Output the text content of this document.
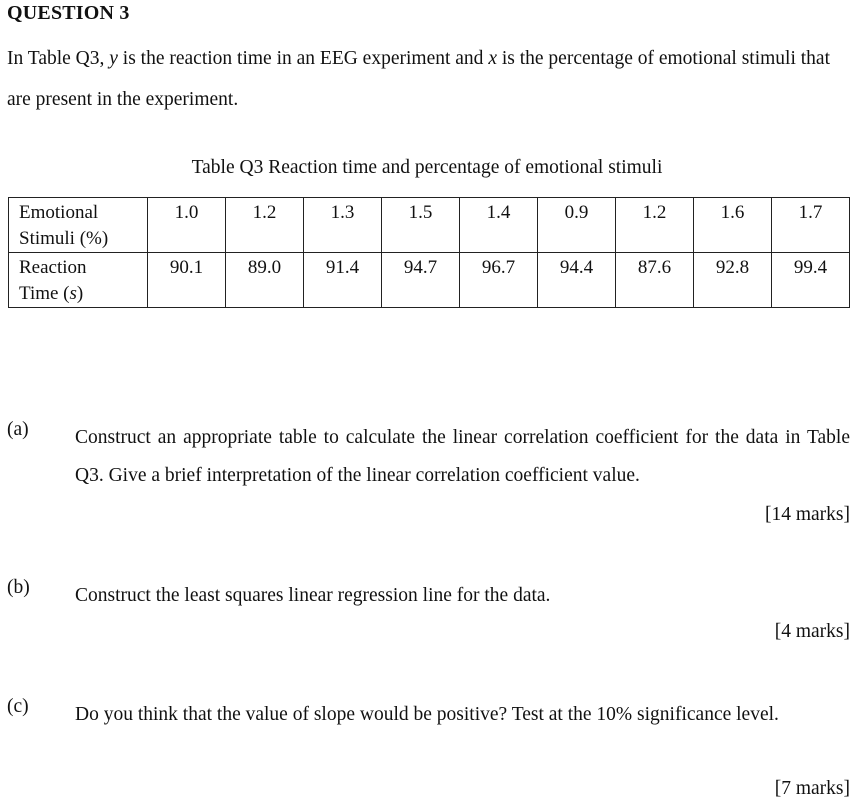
QUESTION 3

In Table Q3, y is the reaction time in an EEG experiment and x is the percentage of emotional stimuli that are present in the experiment.

Table Q3 Reaction time and percentage of emotional stimuli
Emotional
Stimuli (%)	1.0	1.2	1.3	1.5	1.4	0.9	1.2	1.6	1.7
Reaction
Time (s)	90.1	89.0	91.4	94.7	96.7	94.4	87.6	92.8	99.4
(a) Construct an appropriate table to calculate the linear correlation coefficient for the data in Table Q3. Give a brief interpretation of the linear correlation coefficient value.
[14 marks]
(b) Construct the least squares linear regression line for the data.
[4 marks]
(c) Do you think that the value of slope would be positive? Test at the 10% significance level.
[7 marks]
